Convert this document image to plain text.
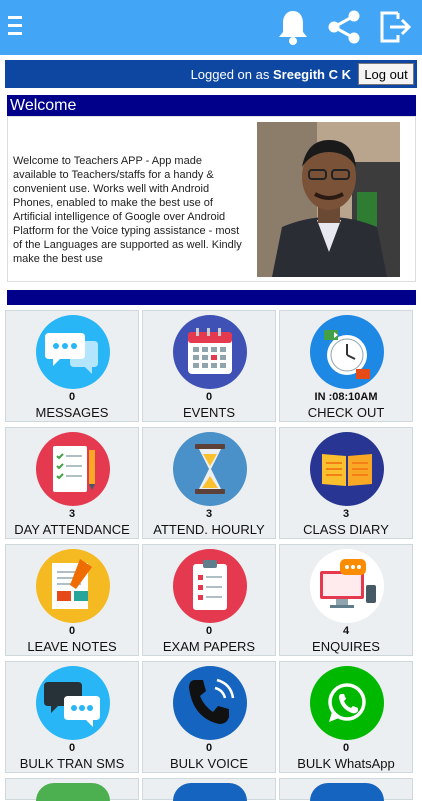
Logged on as Sreegith C K	Log out
Welcome
Welcome to Teachers APP - App made available to Teachers/staffs for a handy & convenient use. Works well with Android Phones, enabled to make the best use of Artificial intelligence of Google over Android Platform for the Voice typing assistance - most of the Languages are supported as well. Kindly make the best use
0
MESSAGES
0
EVENTS
IN :08:10AM
CHECK OUT
3
DAY ATTENDANCE
3
ATTEND. HOURLY
3
CLASS DIARY
0
LEAVE NOTES
0
EXAM PAPERS
4
ENQUIRES
0
BULK TRAN SMS
0
BULK VOICE
0
BULK WhatsApp
